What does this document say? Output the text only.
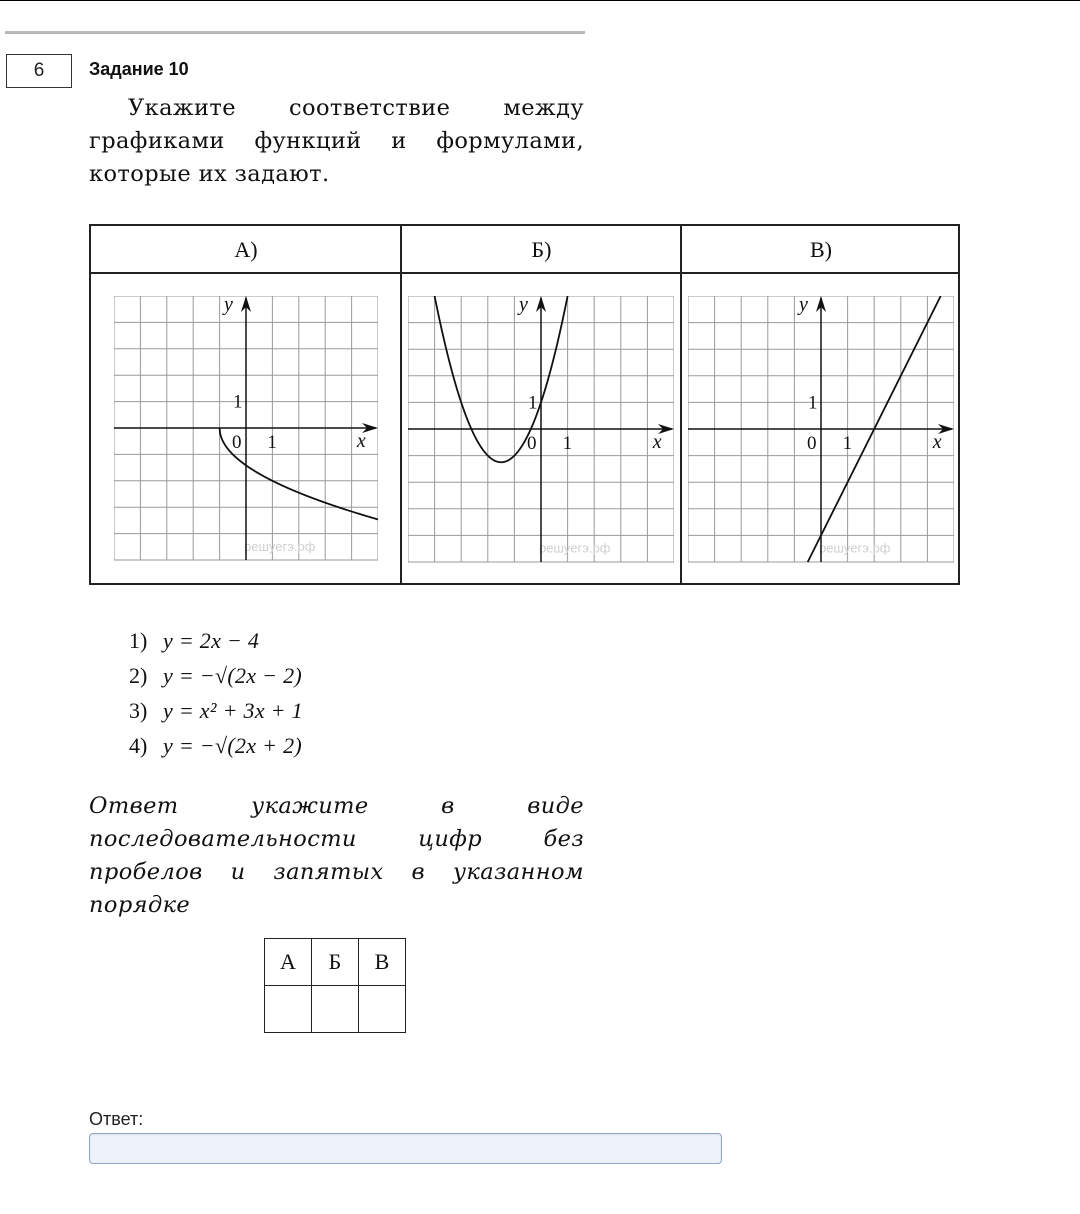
6	Задание 10
Укажите соответствие между графиками функций и формулами, которые их задают.
А)	Б)	В)
решуегэ.рф
x
y
0 1
1
решуегэ.рф
x
y
0 1
1
решуегэ.рф
x
y
0 1
1
1) y = 2x − 4
2) y = −√(2x − 2)
3) y = x² + 3x + 1
4) y = −√(2x + 2)
Ответ укажите в виде последовательности цифр без пробелов и запятых в указанном порядке
А	Б	В

Ответ:
